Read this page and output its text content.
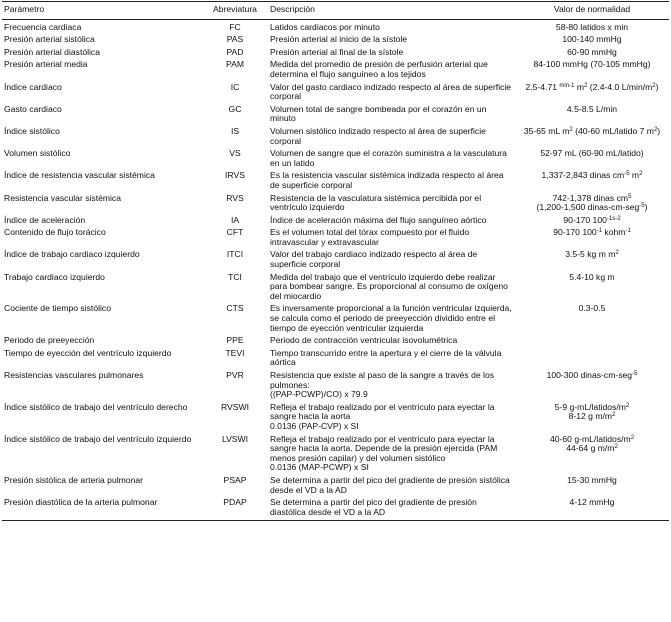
Parámetro	Abreviatura	Descripción	Valor de normalidad
Frecuencia cardiaca	FC	Latidos cardiacos por minuto	58-80 latidos x min
Presión arterial sistólica	PAS	Presión arterial al inicio de la sístole	100-140 mmHg
Presión arterial diastólica	PAD	Presión arterial al final de la sístole	60-90 mmHg
Presión arterial media	PAM	Medida del promedio de presión de perfusión arterial que determina el flujo sanguíneo a los tejidos	84-100 mmHg (70-105 mmHg)
Índice cardiaco	IC	Valor del gasto cardiaco indizado respecto al área de superficie corporal	2.5-4.71 $^{min-1}$ $m^2$ (2.4-4.0 $L/\min/m^2$)
Gasto cardiaco	GC	Volumen total de sangre bombeada por el corazón en un minuto	4.5-8.5 L/min
Índice sistólico	IS	Volumen sistólico indizado respecto al área de superficie corporal	35-65 mL $m^2$ (40-60 mL/latido 7 $m^2$)
Volumen sistólico	VS	Volumen de sangre que el corazón suministra a la vasculatura en un latido	52-97 mL (60-90 mL/latido)
Índice de resistencia vascular sistémica	IRVS	Es la resistencia vascular sistémica indizada respecto al área de superficie corporal	1,337-2,843 dinas $cm^{-5}$ $m^2$
Resistencia vascular sistémica	RVS	Resistencia de la vasculatura sistémica percibida por el ventrículo izquierdo	742-1,378 dinas $cm^5$
(1,200-1,500 dinas-cm-seg$^{-5}$)
Índice de aceleración	IA	Índice de aceleración máxima del flujo sanguíneo aórtico	90-170 $100^{-1s-2}$
Contenido de flujo torácico	CFT	Es el volumen total del tórax compuesto por el fluido intravascular y extravascular	90-170 $100^{-1}$ kohm$^{-1}$
Índice de trabajo cardiaco izquierdo	ITCI	Valor del trabajo cardiaco indizado respecto al área de superficie corporal	3.5-5 kg m $m^2$
Trabajo cardiaco izquierdo	TCI	Medida del trabajo que el ventrículo izquierdo debe realizar para bombear sangre. Es proporcional al consumo de oxígeno del miocardio	5.4-10 kg m
Cociente de tiempo sistólico	CTS	Es inversamente proporcional a la función ventricular izquierda, se calcula como el periodo de preeyección dividido entre el tiempo de eyección ventricular izquierda	0.3-0.5
Periodo de preeyección	PPE	Periodo de contracción ventricular isovolumétrica	
Tiempo de eyección del ventrículo izquierdo	TEVI	Tiempo transcurrido entre la apertura y el cierre de la válvula aórtica	
Resistencias vasculares pulmonares	PVR	Resistencia que existe al paso de la sangre a través de los pulmones:
((PAP-PCWP)/CO) x 79.9	100-300 dinas-cm-seg$^{-5}$
Índice sistólico de trabajo del ventrículo derecho	RVSWI	Refleja el trabajo realizado por el ventrículo para eyectar la sangre hacia la aorta
0.0136 (PAP-CVP) x SI	5-9 $g-mL/latidos/m^2$
8-12 g $m/m^2$
Índice sistólico de trabajo del ventrículo izquierdo	LVSWI	Refleja el trabajo realizado por el ventrículo para eyectar la sangre hacia la aorta. Depende de la presión ejercida (PAM menos presión capilar) y del volumen sistólico
0.0136 (MAP-PCWP) x SI	40-60 $g-mL/latidos/m^2$
44-64 g $m/m^2$
Presión sistólica de arteria pulmonar	PSAP	Se determina a partir del pico del gradiente de presión sistólica desde el VD a la AD	15-30 mmHg
Presión diastólica de la arteria pulmonar	PDAP	Se determina a partir del pico del gradiente de presión diastólica desde el VD a la AD	4-12 mmHg
